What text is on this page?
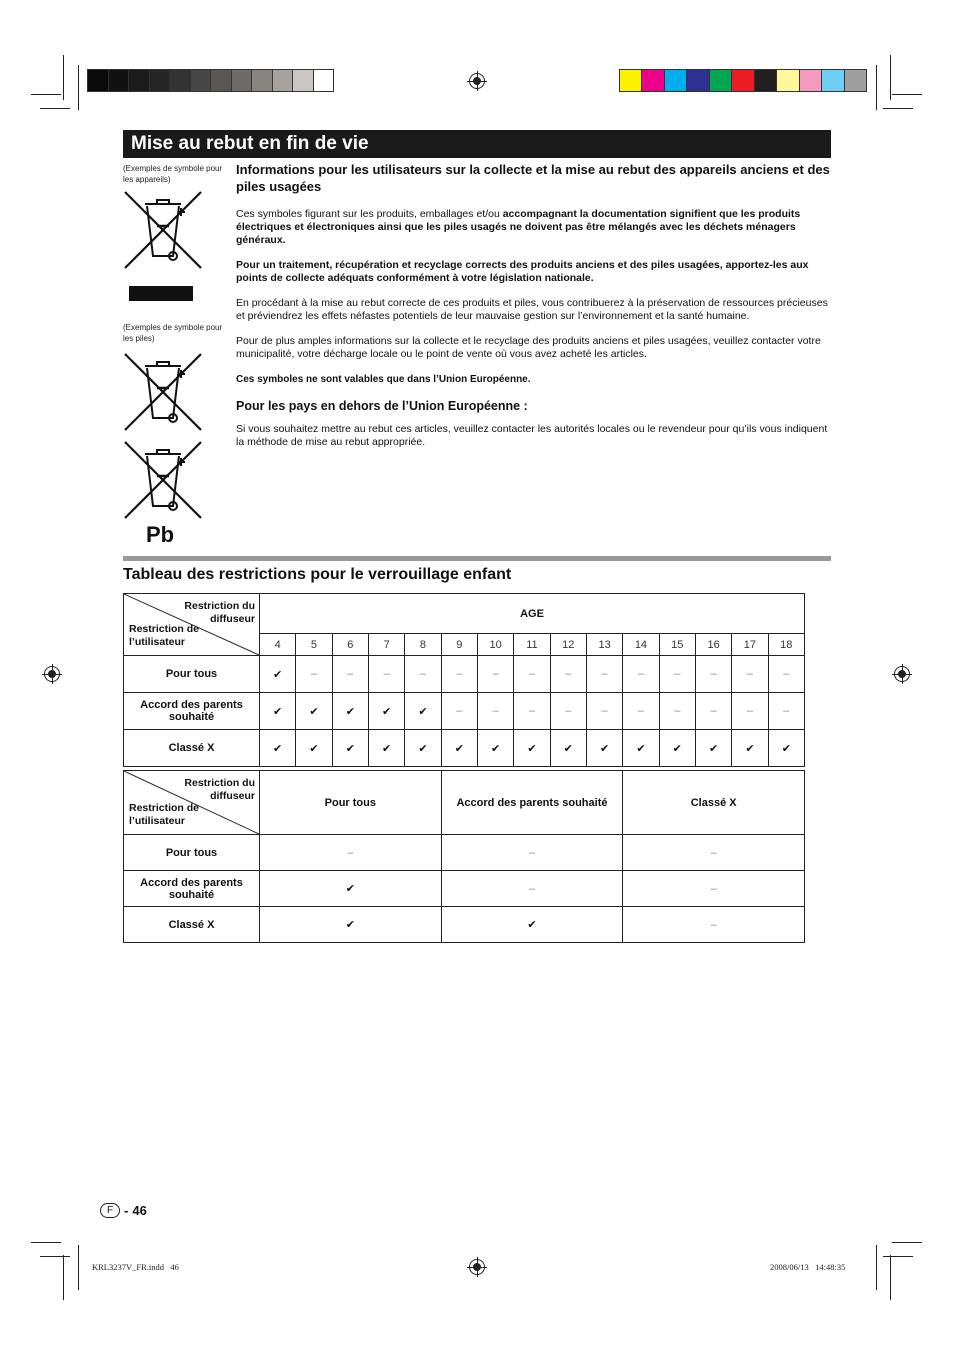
Mise au rebut en fin de vie
(Exemples de symbole pour les appareils)
(Exemples de symbole pour les piles)
Pb

Informations pour les utilisateurs sur la collecte et la mise au rebut des appareils anciens et des piles usagées

Ces symboles figurant sur les produits, emballages et/ou accompagnant la documentation signifient que les produits électriques et électroniques ainsi que les piles usagés ne doivent pas être mélangés avec les déchets ménagers généraux.

Pour un traitement, récupération et recyclage corrects des produits anciens et des piles usagées, apportez-les aux points de collecte adéquats conformément à votre législation nationale.

En procédant à la mise au rebut correcte de ces produits et piles, vous contribuerez à la préservation de ressources précieuses et préviendrez les effets néfastes potentiels de leur mauvaise gestion sur l’environnement et la santé humaine.

Pour de plus amples informations sur la collecte et le recyclage des produits anciens et piles usagées, veuillez contacter votre municipalité, votre décharge locale ou le point de vente où vous avez acheté les articles.

Ces symboles ne sont valables que dans l’Union Européenne.

Pour les pays en dehors de l’Union Européenne :

Si vous souhaitez mettre au rebut ces articles, veuillez contacter les autorités locales ou le revendeur pour qu’ils vous indiquent la méthode de mise au rebut appropriée.

Tableau des restrictions pour le verrouillage enfant
Restriction du diffuseur
Restriction de l’utilisateur	AGE														
	4	5	6	7	8	9	10	11	12	13	14	15	16	17	18
Pour tous	✔	–	–	–	–	–	–	–	–	–	–	–	–	–	–
Accord des parents souhaité	✔	✔	✔	✔	✔	–	–	–	–	–	–	–	–	–	–
Classé X	✔	✔	✔	✔	✔	✔	✔	✔	✔	✔	✔	✔	✔	✔	✔
Restriction du diffuseur
Restriction de l’utilisateur	Pour tous	Accord des parents souhaité	Classé X
Pour tous	–	–	–
Accord des parents souhaité	✔	–	–
Classé X	✔	✔	–
F - 46
KRL3237V_FR.indd   46	2008/06/13   14:48:35
